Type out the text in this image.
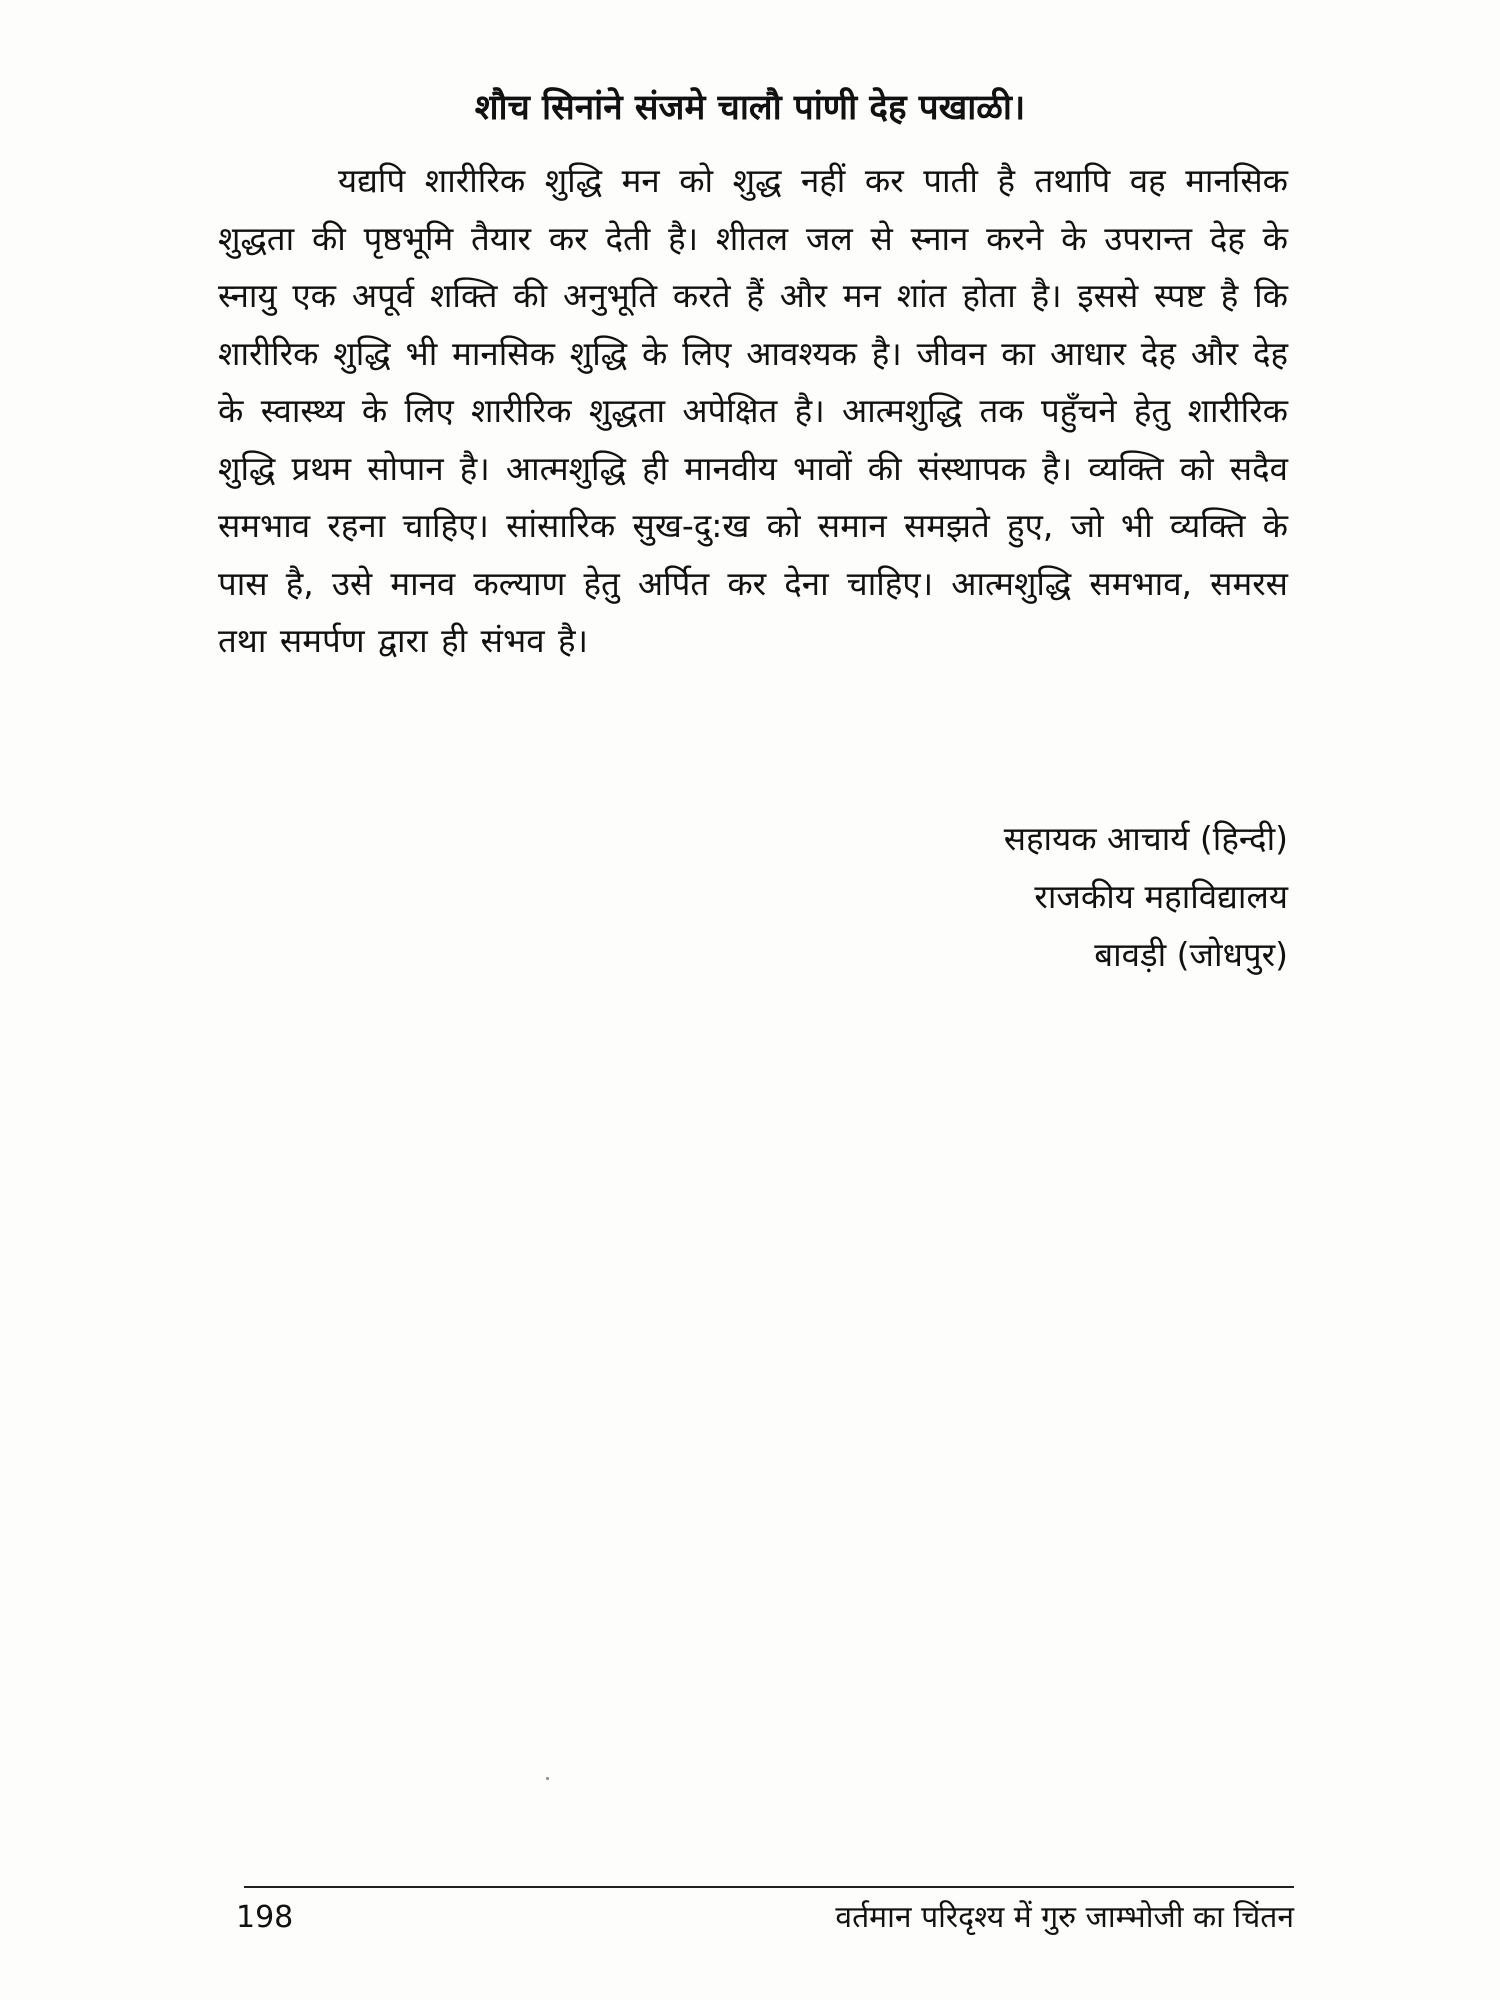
शौच सिनांने संजमे चालौ पांणी देह पखाळी।

यद्यपि शारीरिक शुद्धि मन को शुद्ध नहीं कर पाती है तथापि वह मानसिक शुद्धता की पृष्ठभूमि तैयार कर देती है। शीतल जल से स्नान करने के उपरान्त देह के स्नायु एक अपूर्व शक्ति की अनुभूति करते हैं और मन शांत होता है। इससे स्पष्ट है कि शारीरिक शुद्धि भी मानसिक शुद्धि के लिए आवश्यक है। जीवन का आधार देह और देह के स्वास्थ्य के लिए शारीरिक शुद्धता अपेक्षित है। आत्मशुद्धि तक पहुँचने हेतु शारीरिक शुद्धि प्रथम सोपान है। आत्मशुद्धि ही मानवीय भावों की संस्थापक है। व्यक्ति को सदैव समभाव रहना चाहिए। सांसारिक सुख-दु:ख को समान समझते हुए, जो भी व्यक्ति के पास है, उसे मानव कल्याण हेतु अर्पित कर देना चाहिए। आत्मशुद्धि समभाव, समरस तथा समर्पण द्वारा ही संभव है।

सहायक आचार्य (हिन्दी)
राजकीय महाविद्यालय
बावड़ी (जोधपुर)
198	वर्तमान परिदृश्य में गुरु जाम्भोजी का चिंतन
